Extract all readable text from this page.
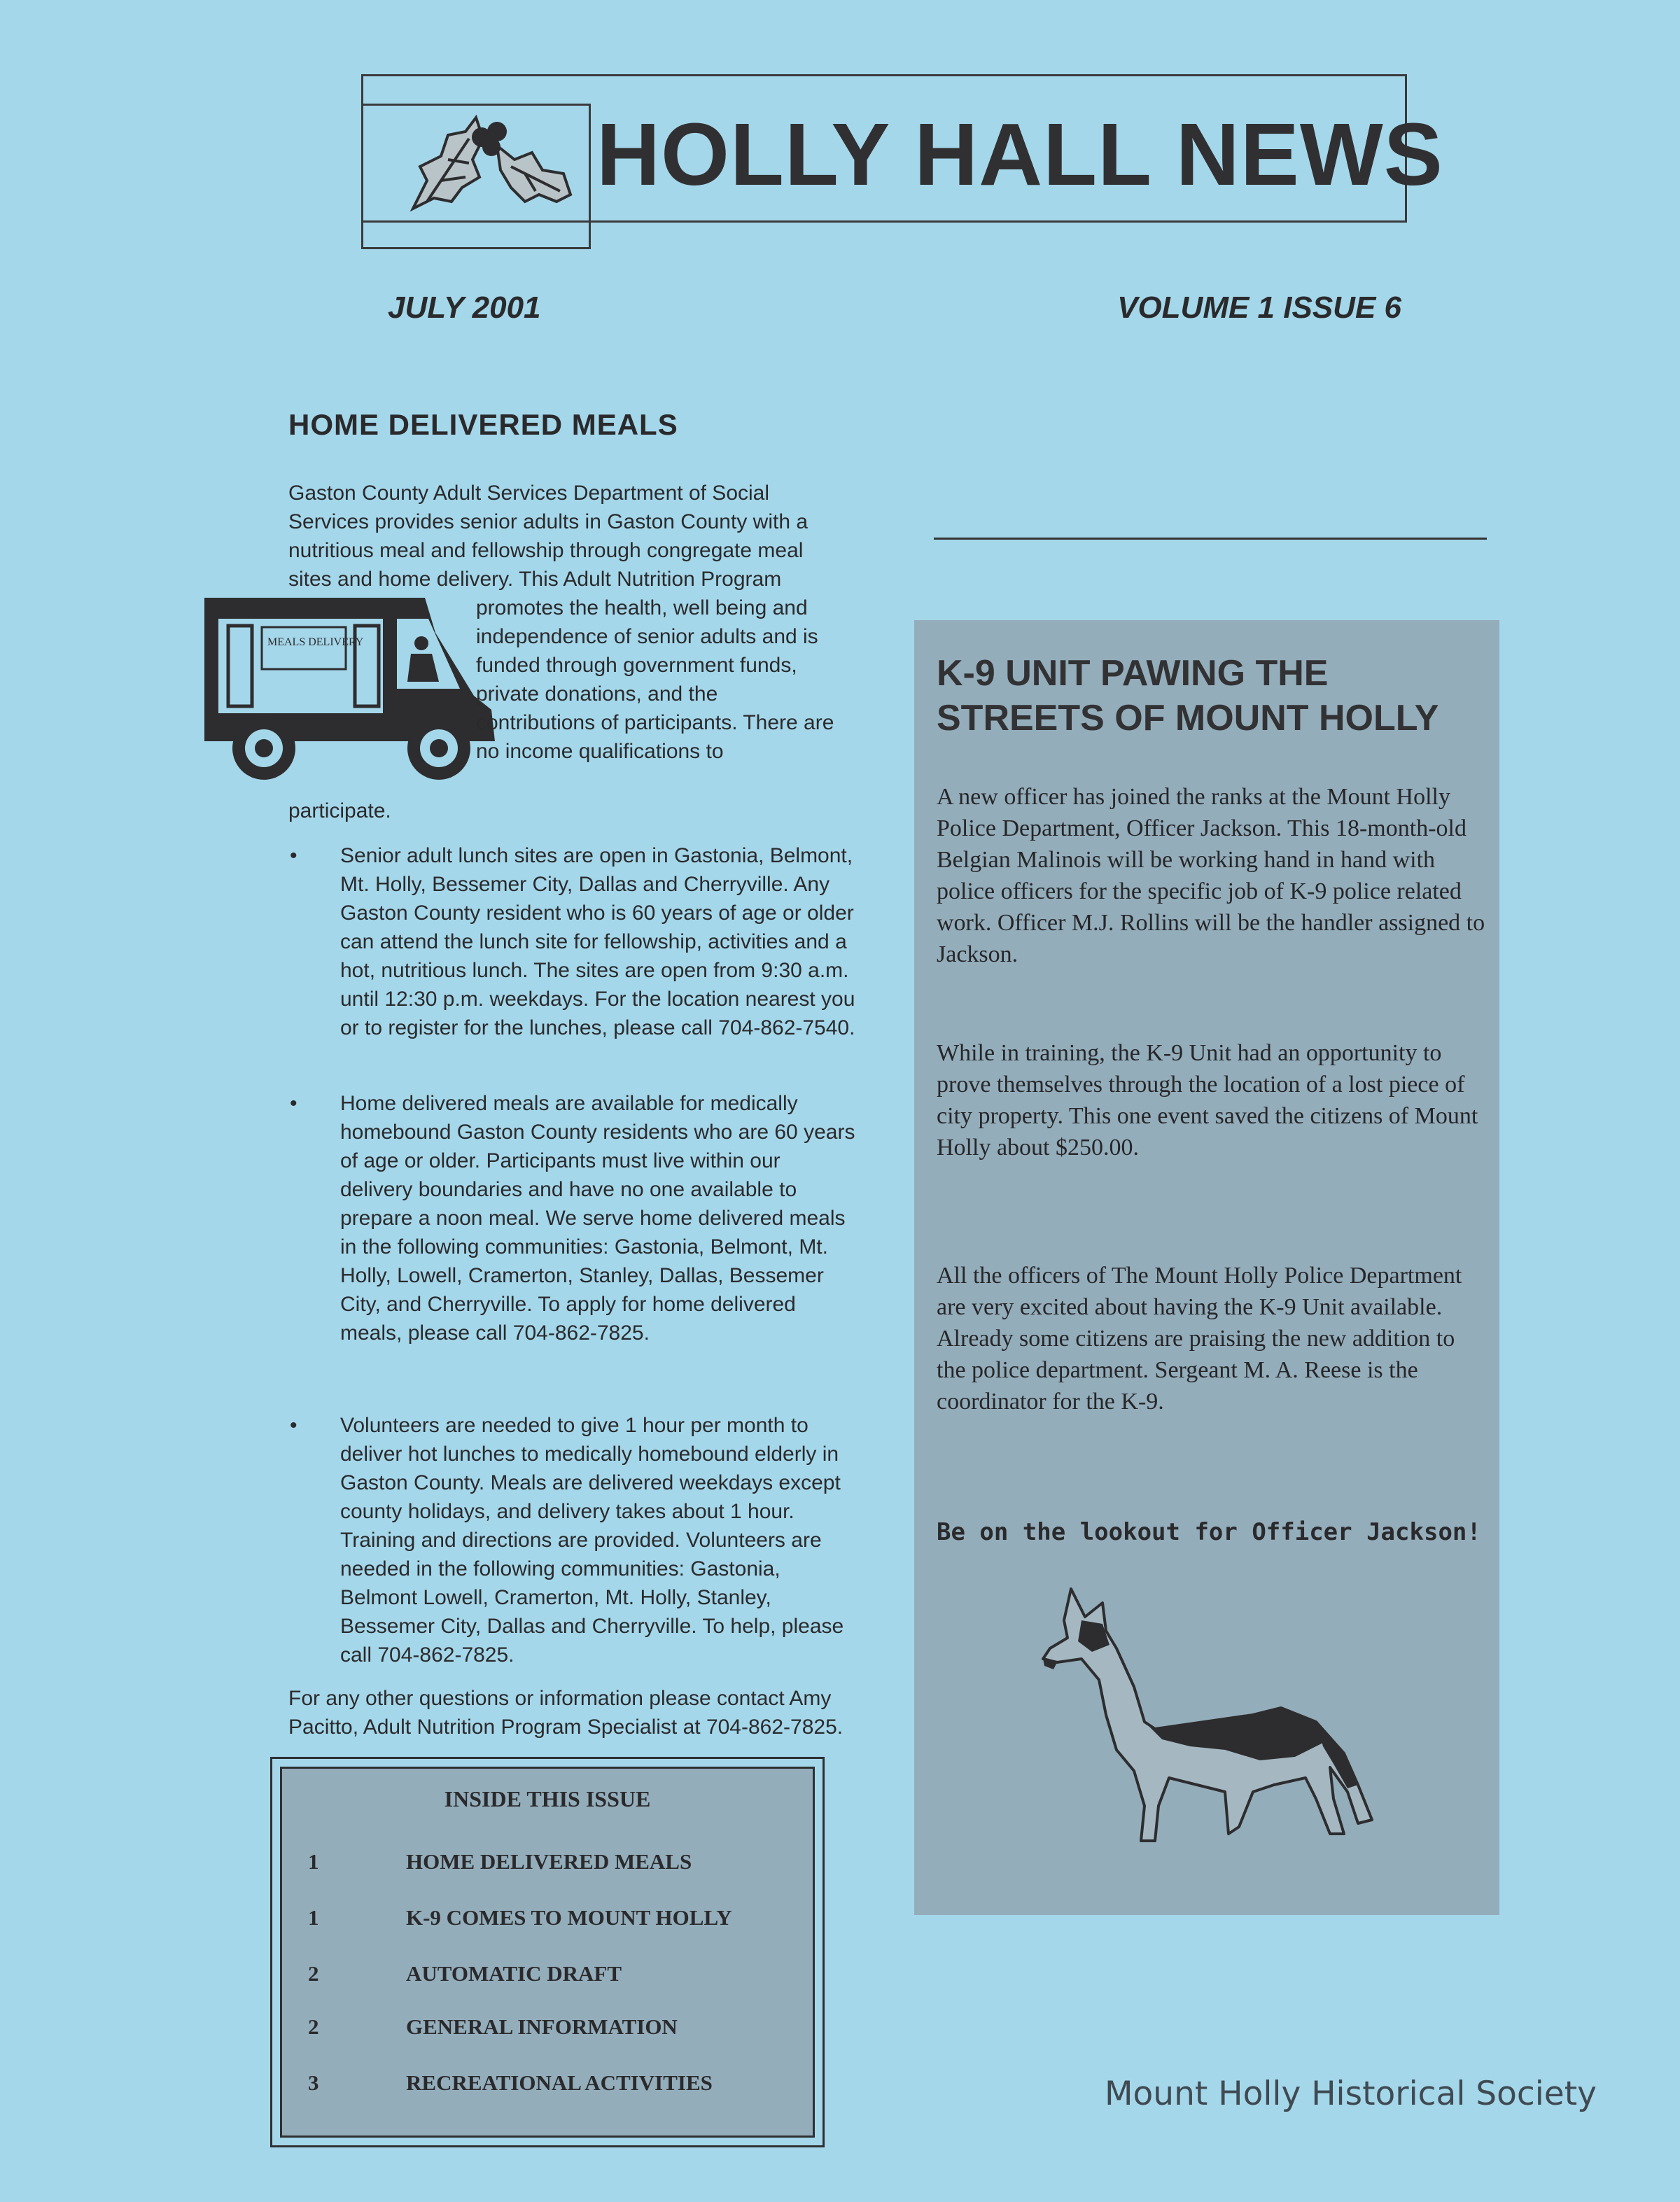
HOLLY HALL NEWS
JULY 2001	VOLUME 1 ISSUE 6
HOME DELIVERED MEALS
Gaston County Adult Services Department of Social Services provides senior adults in Gaston County with a nutritious meal and fellowship through congregate meal sites and home delivery. This Adult Nutrition Program
MEALS DELIVERY
promotes the health, well being and independence of senior adults and is funded through government funds, private donations, and the contributions of participants. There are no income qualifications to
participate.
• Senior adult lunch sites are open in Gastonia, Belmont, Mt. Holly, Bessemer City, Dallas and Cherryville. Any Gaston County resident who is 60 years of age or older can attend the lunch site for fellowship, activities and a hot, nutritious lunch. The sites are open from 9:30 a.m. until 12:30 p.m. weekdays. For the location nearest you or to register for the lunches, please call 704-862-7540.
• Home delivered meals are available for medically homebound Gaston County residents who are 60 years of age or older. Participants must live within our delivery boundaries and have no one available to prepare a noon meal. We serve home delivered meals in the following communities: Gastonia, Belmont, Mt. Holly, Lowell, Cramerton, Stanley, Dallas, Bessemer City, and Cherryville. To apply for home delivered meals, please call 704-862-7825.
• Volunteers are needed to give 1 hour per month to deliver hot lunches to medically homebound elderly in Gaston County. Meals are delivered weekdays except county holidays, and delivery takes about 1 hour. Training and directions are provided. Volunteers are needed in the following communities: Gastonia, Belmont Lowell, Cramerton, Mt. Holly, Stanley, Bessemer City, Dallas and Cherryville. To help, please call 704-862-7825.
For any other questions or information please contact Amy Pacitto, Adult Nutrition Program Specialist at 704-862-7825.
INSIDE THIS ISSUE
1	HOME DELIVERED MEALS
1	K-9 COMES TO MOUNT HOLLY
2	AUTOMATIC DRAFT
2	GENERAL INFORMATION
3	RECREATIONAL ACTIVITIES
K-9 UNIT PAWING THE STREETS OF MOUNT HOLLY
A new officer has joined the ranks at the Mount Holly Police Department, Officer Jackson. This 18-month-old Belgian Malinois will be working hand in hand with police officers for the specific job of K-9 police related work. Officer M.J. Rollins will be the handler assigned to Jackson.
While in training, the K-9 Unit had an opportunity to prove themselves through the location of a lost piece of city property. This one event saved the citizens of Mount Holly about $250.00.
All the officers of The Mount Holly Police Department are very excited about having the K-9 Unit available. Already some citizens are praising the new addition to the police department. Sergeant M. A. Reese is the coordinator for the K-9.
Be on the lookout for Officer Jackson!
Mount Holly Historical Society
